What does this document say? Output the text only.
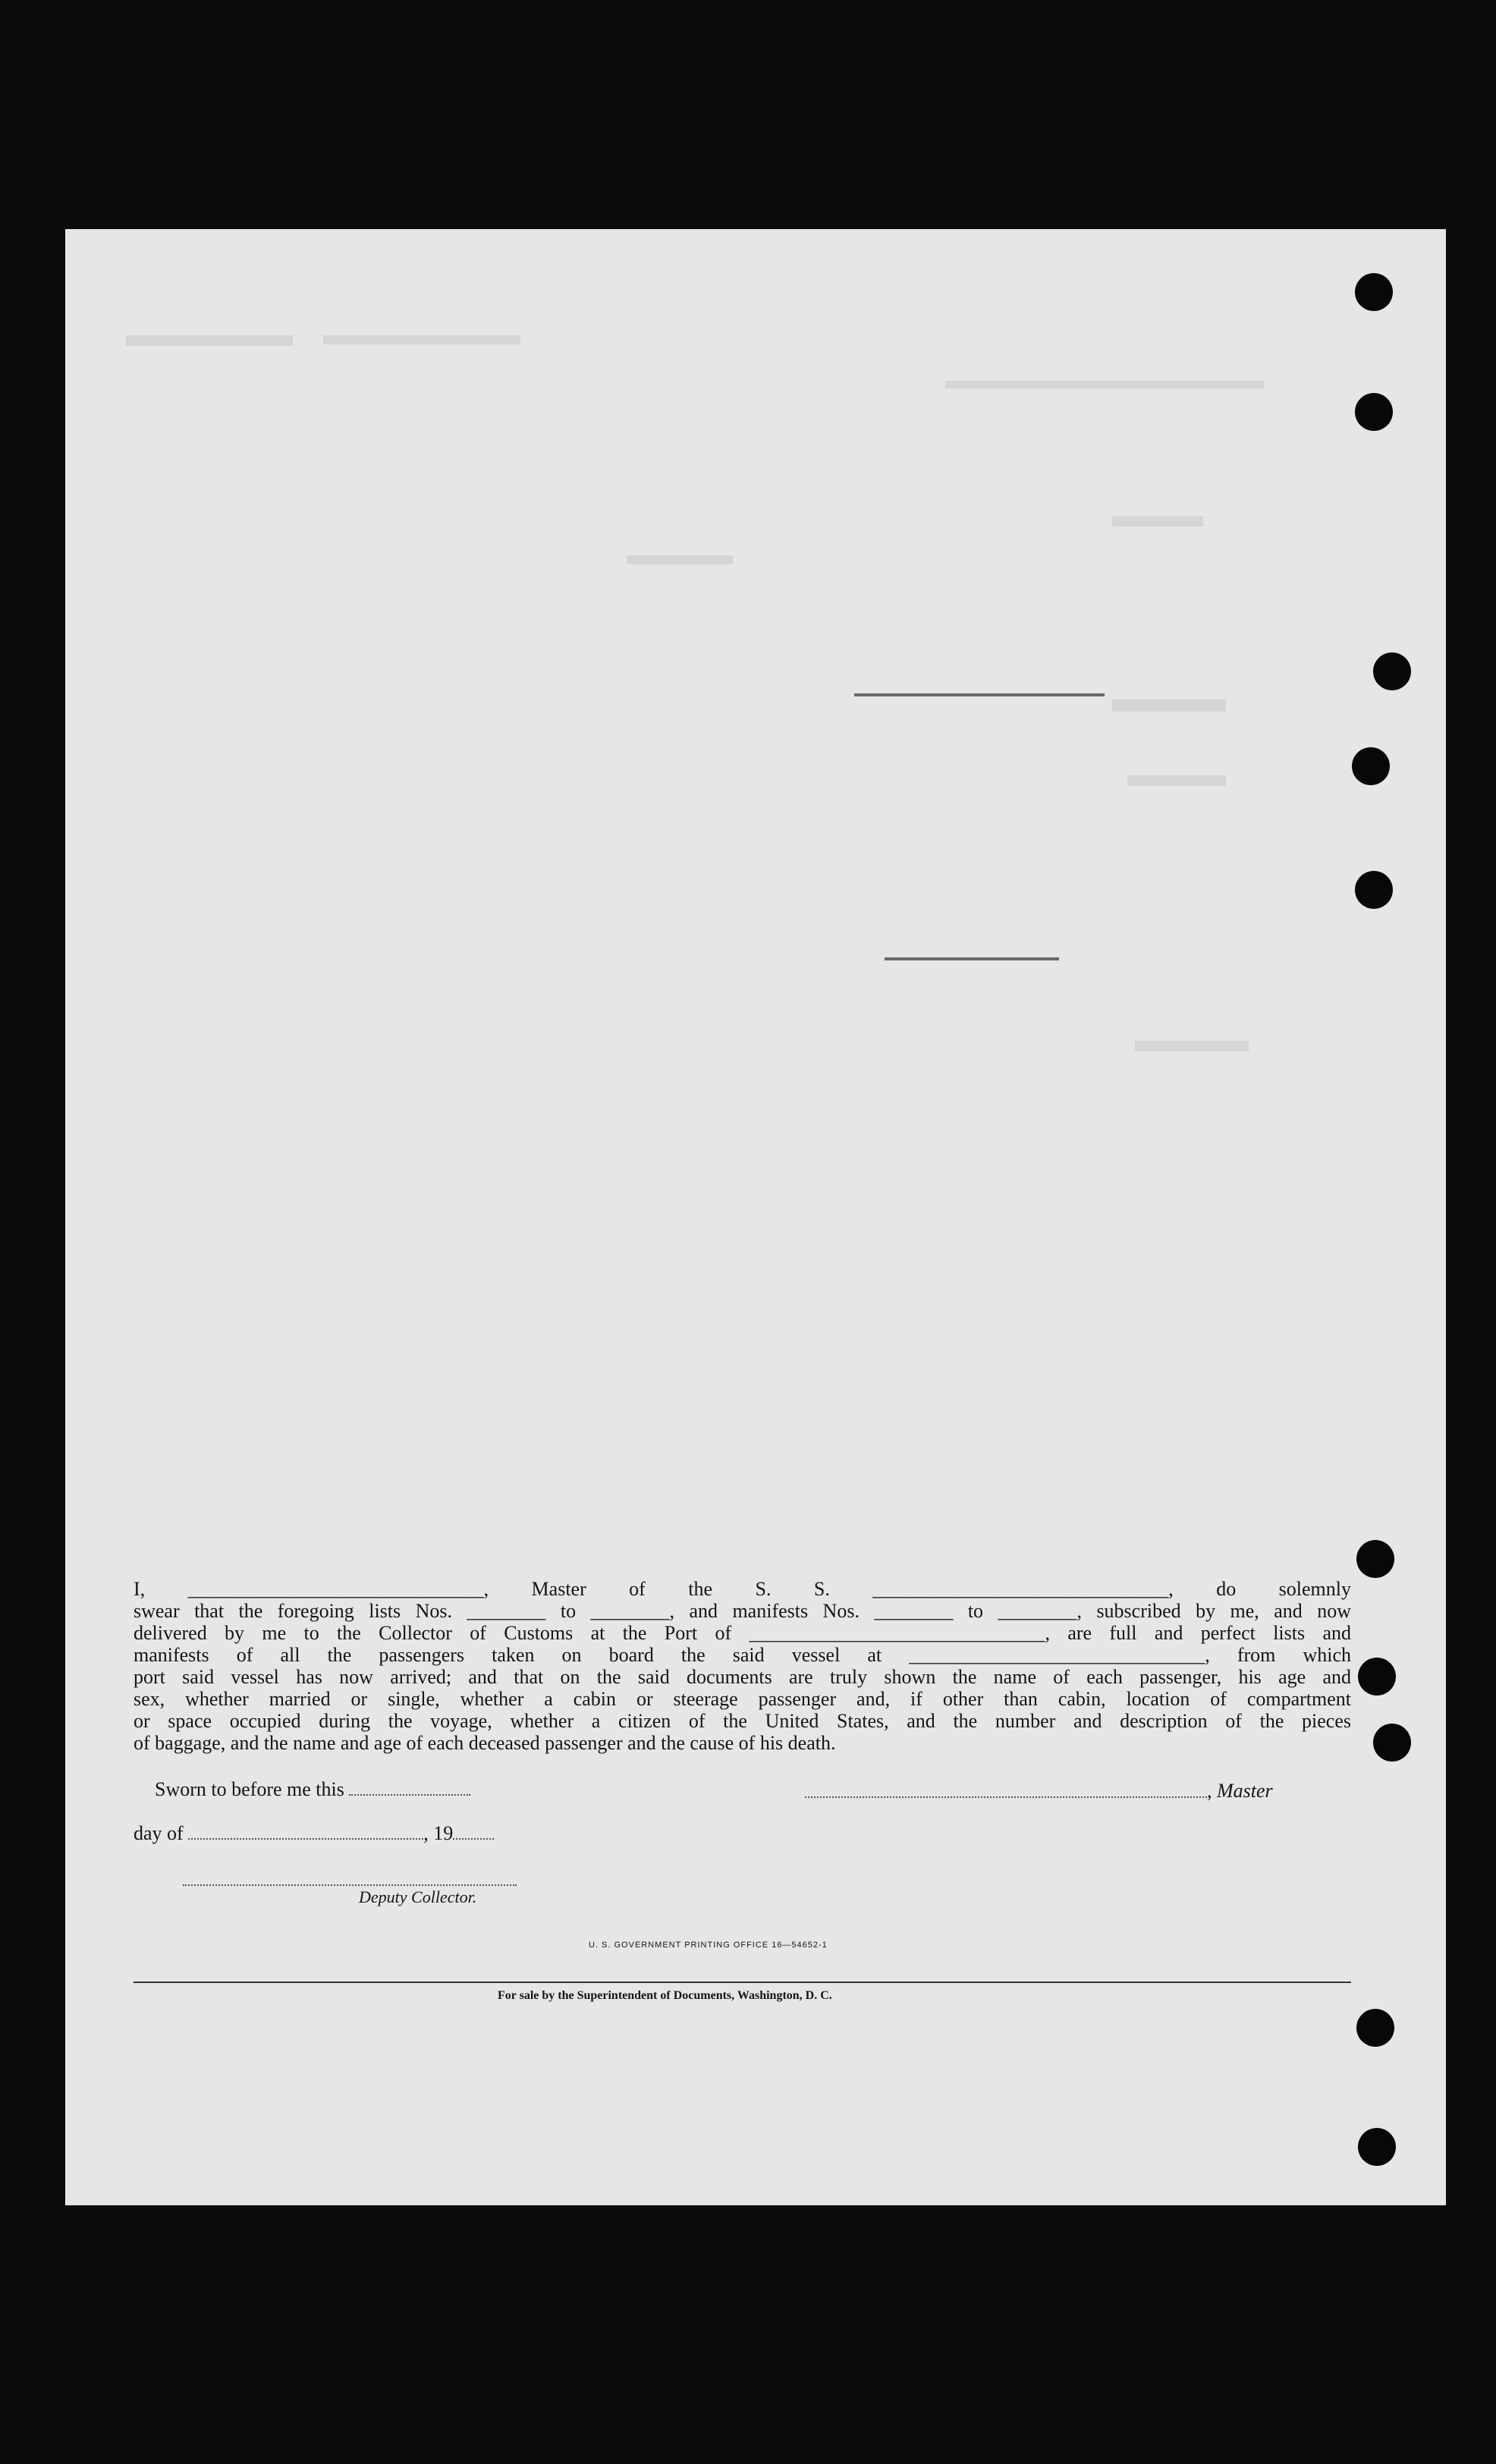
I, ______________________________, Master of the S. S. ______________________________, do solemnly
swear that the foregoing lists Nos. ________ to ________, and manifests Nos. ________ to ________, subscribed by me, and now
delivered by me to the Collector of Customs at the Port of ______________________________, are full and perfect lists and
manifests of all the passengers taken on board the said vessel at ______________________________, from which
port said vessel has now arrived; and that on the said documents are truly shown the name of each passenger, his age and
sex, whether married or single, whether a cabin or steerage passenger and, if other than cabin, location of compartment
or space occupied during the voyage, whether a citizen of the United States, and the number and description of the pieces
of baggage, and the name and age of each deceased passenger and the cause of his death.
Sworn to before me this	, Master
day of	, 19
Deputy Collector.
U. S. GOVERNMENT PRINTING OFFICE 16—54652-1
For sale by the Superintendent of Documents, Washington, D. C.
